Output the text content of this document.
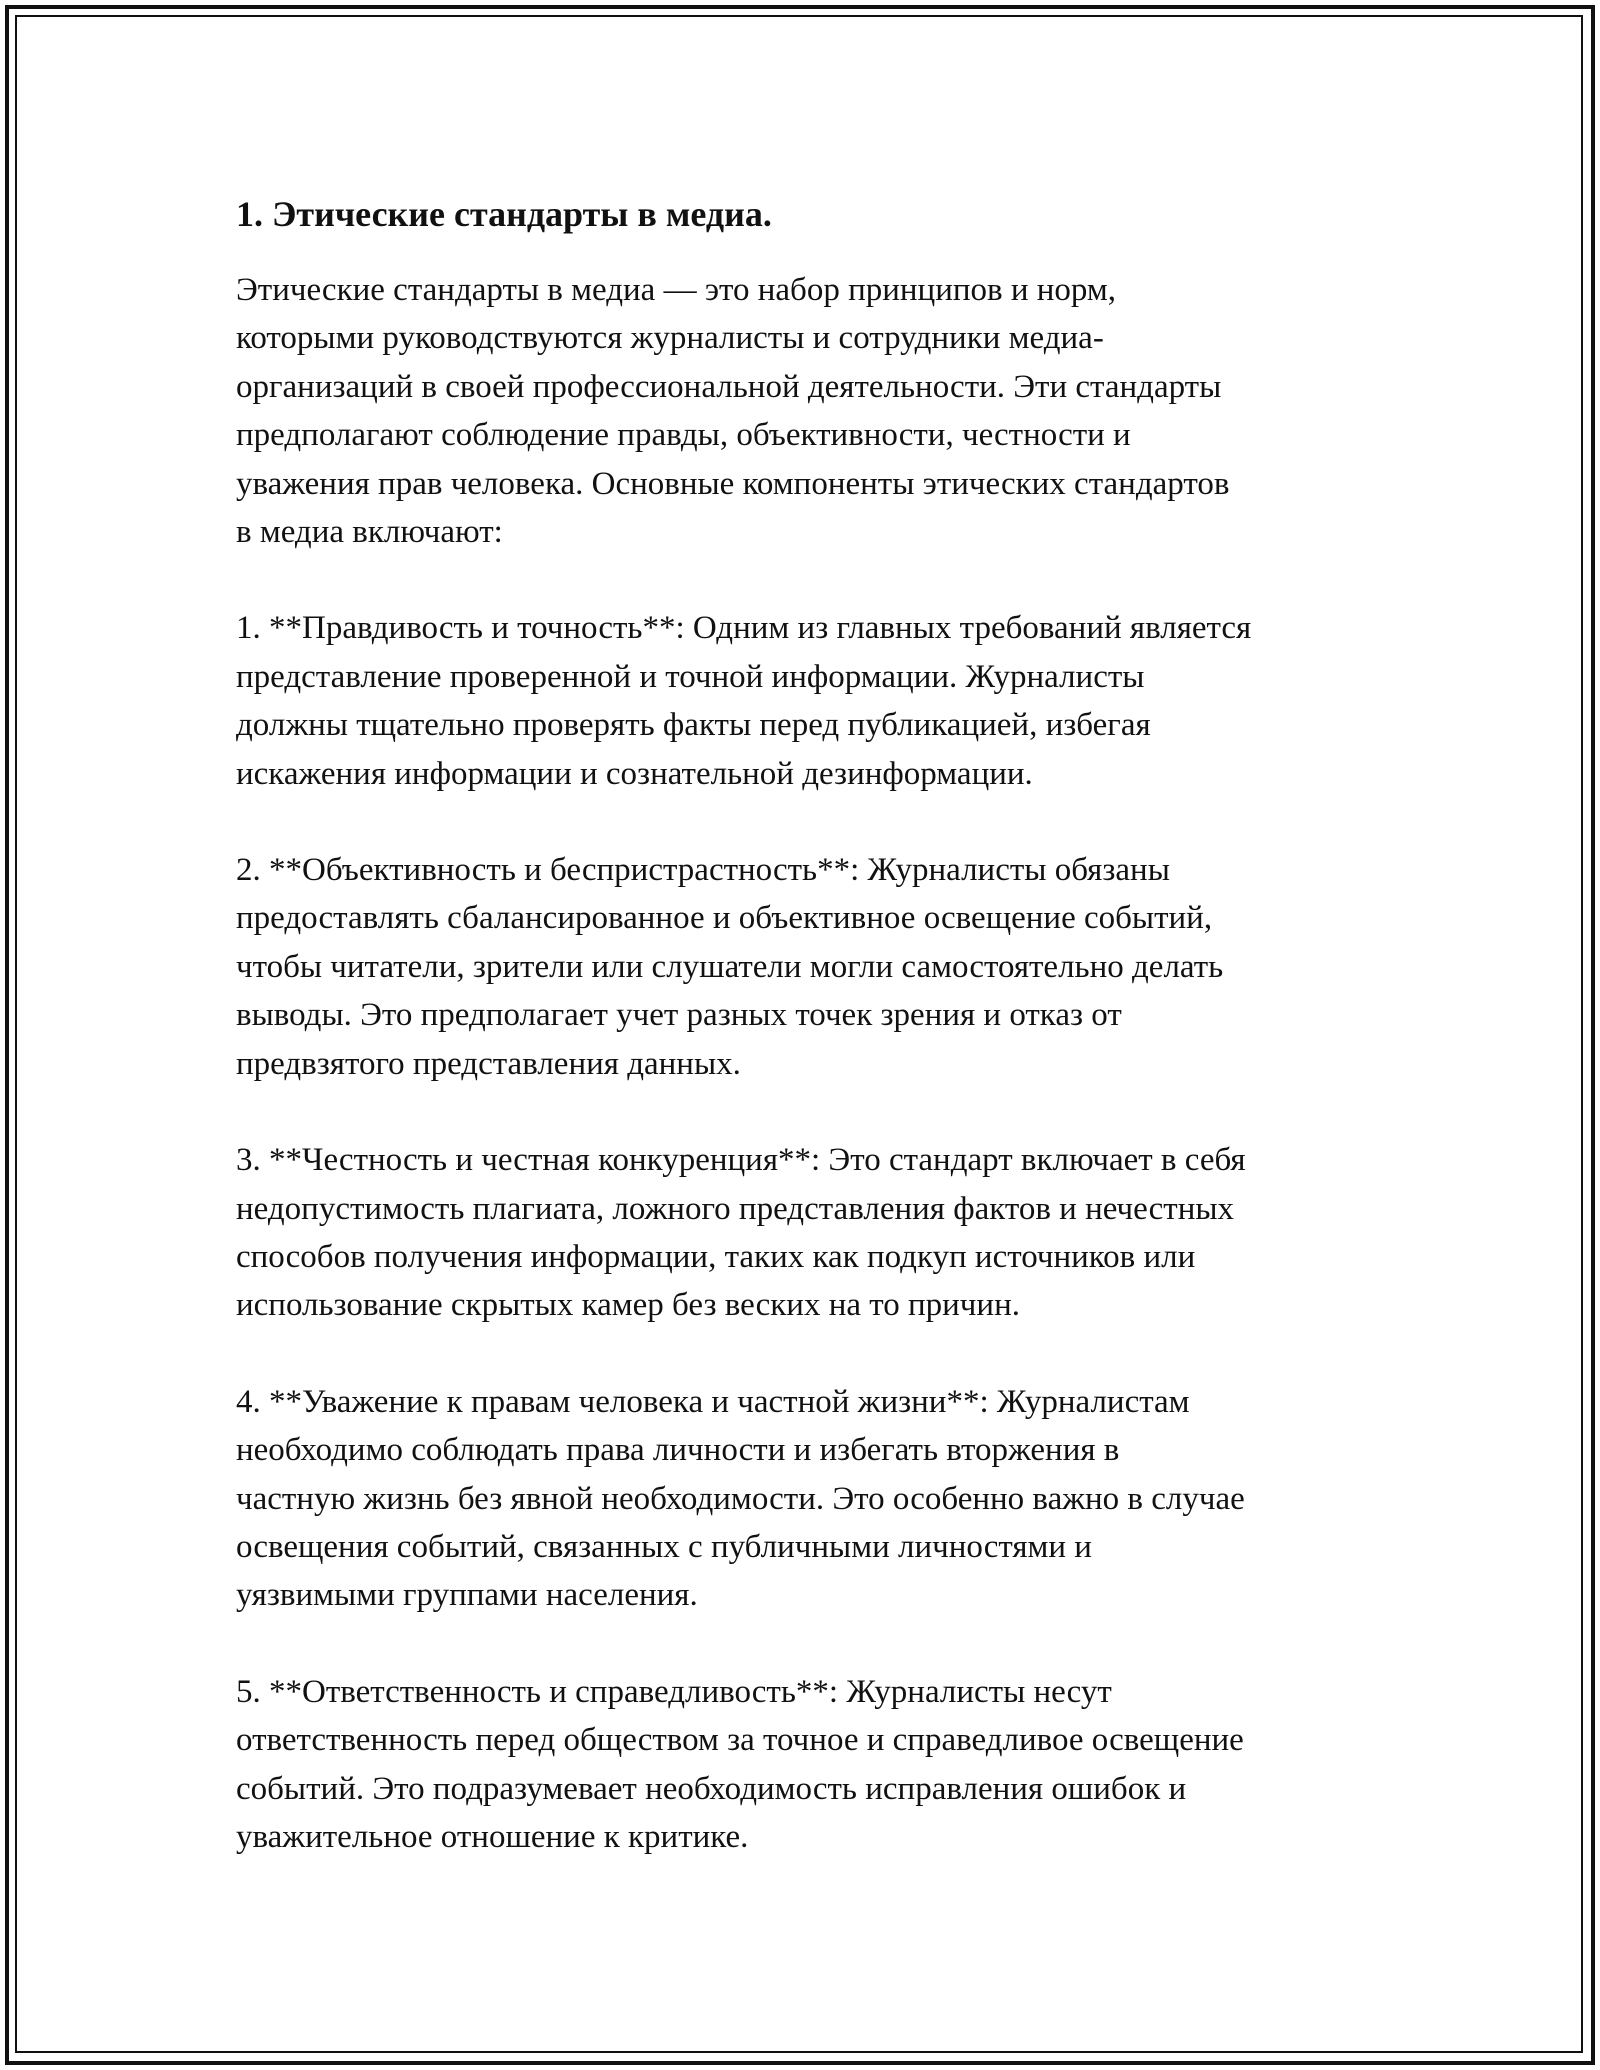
1. Этические стандарты в медиа.

Этические стандарты в медиа — это набор принципов и норм,
которыми руководствуются журналисты и сотрудники медиа-
организаций в своей профессиональной деятельности. Эти стандарты
предполагают соблюдение правды, объективности, честности и
уважения прав человека. Основные компоненты этических стандартов
в медиа включают:

1. **Правдивость и точность**: Одним из главных требований является
представление проверенной и точной информации. Журналисты
должны тщательно проверять факты перед публикацией, избегая
искажения информации и сознательной дезинформации.

2. **Объективность и беспристрастность**: Журналисты обязаны
предоставлять сбалансированное и объективное освещение событий,
чтобы читатели, зрители или слушатели могли самостоятельно делать
выводы. Это предполагает учет разных точек зрения и отказ от
предвзятого представления данных.

3. **Честность и честная конкуренция**: Это стандарт включает в себя
недопустимость плагиата, ложного представления фактов и нечестных
способов получения информации, таких как подкуп источников или
использование скрытых камер без веских на то причин.

4. **Уважение к правам человека и частной жизни**: Журналистам
необходимо соблюдать права личности и избегать вторжения в
частную жизнь без явной необходимости. Это особенно важно в случае
освещения событий, связанных с публичными личностями и
уязвимыми группами населения.

5. **Ответственность и справедливость**: Журналисты несут
ответственность перед обществом за точное и справедливое освещение
событий. Это подразумевает необходимость исправления ошибок и
уважительное отношение к критике.
